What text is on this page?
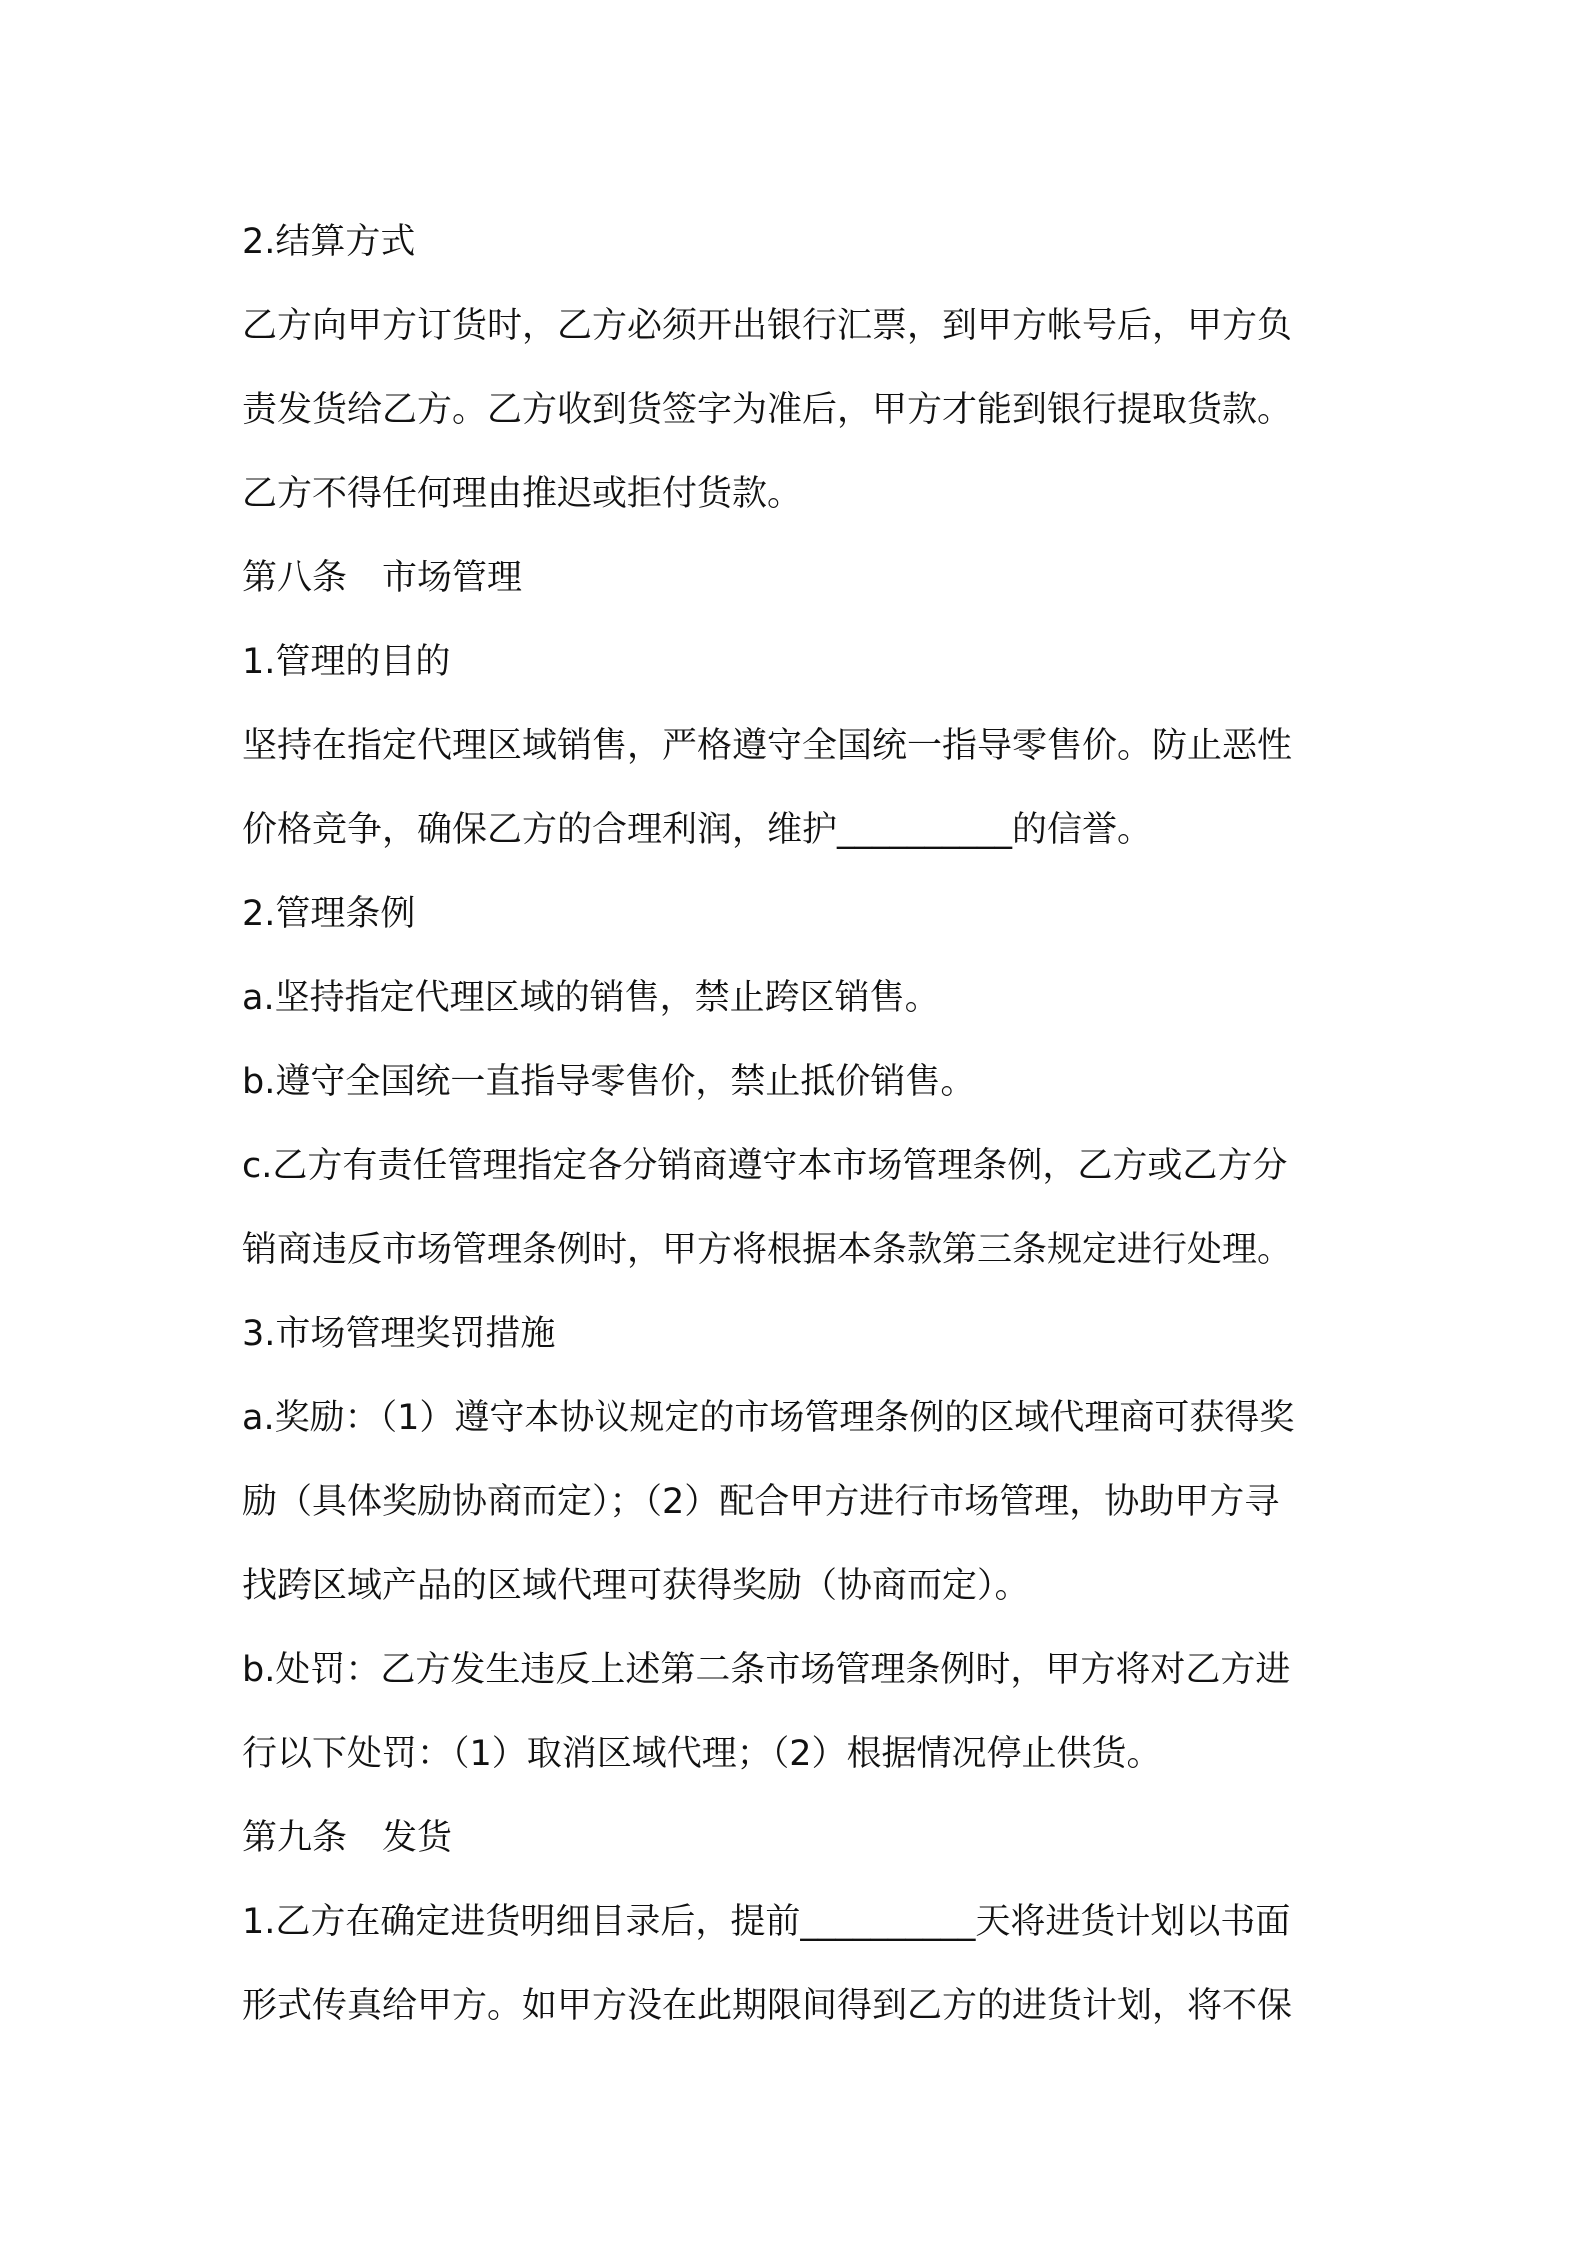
2.结算方式
乙方向甲方订货时，乙方必须开出银行汇票，到甲方帐号后，甲方负
责发货给乙方。乙方收到货签字为准后，甲方才能到银行提取货款。
乙方不得任何理由推迟或拒付货款。
第八条　市场管理
1.管理的目的
坚持在指定代理区域销售，严格遵守全国统一指导零售价。防止恶性
价格竞争，确保乙方的合理利润，维护__________的信誉。
2.管理条例
a.坚持指定代理区域的销售，禁止跨区销售。
b.遵守全国统一直指导零售价，禁止抵价销售。
c.乙方有责任管理指定各分销商遵守本市场管理条例，乙方或乙方分
销商违反市场管理条例时，甲方将根据本条款第三条规定进行处理。
3.市场管理奖罚措施
a.奖励：（1）遵守本协议规定的市场管理条例的区域代理商可获得奖
励（具体奖励协商而定）；（2）配合甲方进行市场管理，协助甲方寻
找跨区域产品的区域代理可获得奖励（协商而定）。
b.处罚：乙方发生违反上述第二条市场管理条例时，甲方将对乙方进
行以下处罚：（1）取消区域代理；（2）根据情况停止供货。
第九条　发货
1.乙方在确定进货明细目录后，提前__________天将进货计划以书面
形式传真给甲方。如甲方没在此期限间得到乙方的进货计划，将不保
